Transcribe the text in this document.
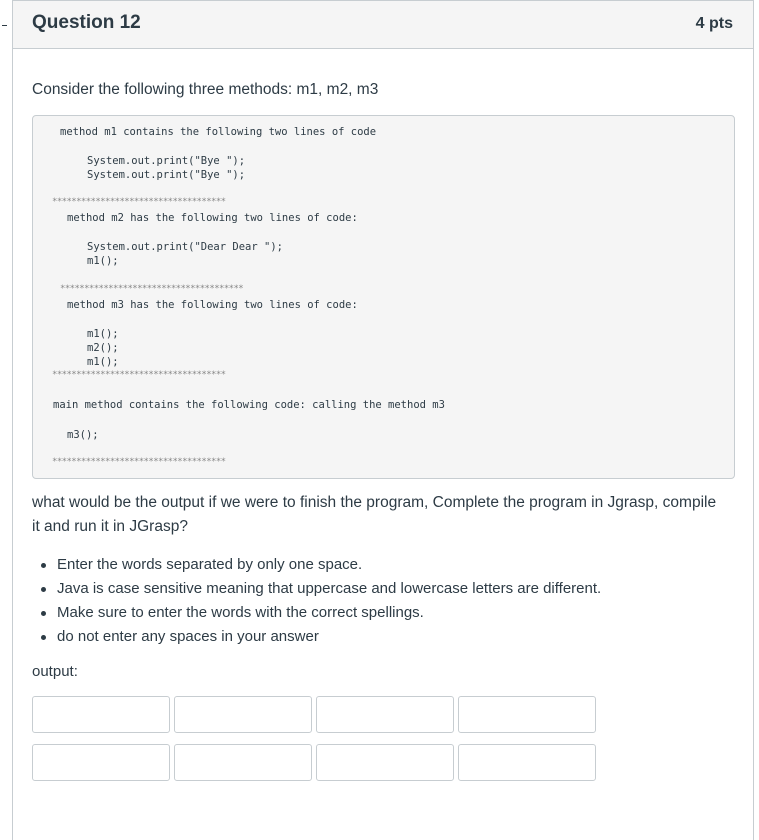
Question 12	4 pts
Consider the following three methods: m1, m2, m3
method m1 contains the following two lines of code
System.out.print("Bye ");
System.out.print("Bye ");
************************************
method m2 has the following two lines of code:
System.out.print("Dear Dear ");
m1();
**************************************
method m3 has the following two lines of code:
m1();
m2();
m1();
************************************
main method contains the following code: calling the method m3
m3();
************************************
what would be the output if we were to finish the program, Complete the program in Jgrasp, compile it and run it in JGrasp?
Enter the words separated by only one space.
Java is case sensitive meaning that uppercase and lowercase letters are different.
Make sure to enter the words with the correct spellings.
do not enter any spaces in your answer
output:
